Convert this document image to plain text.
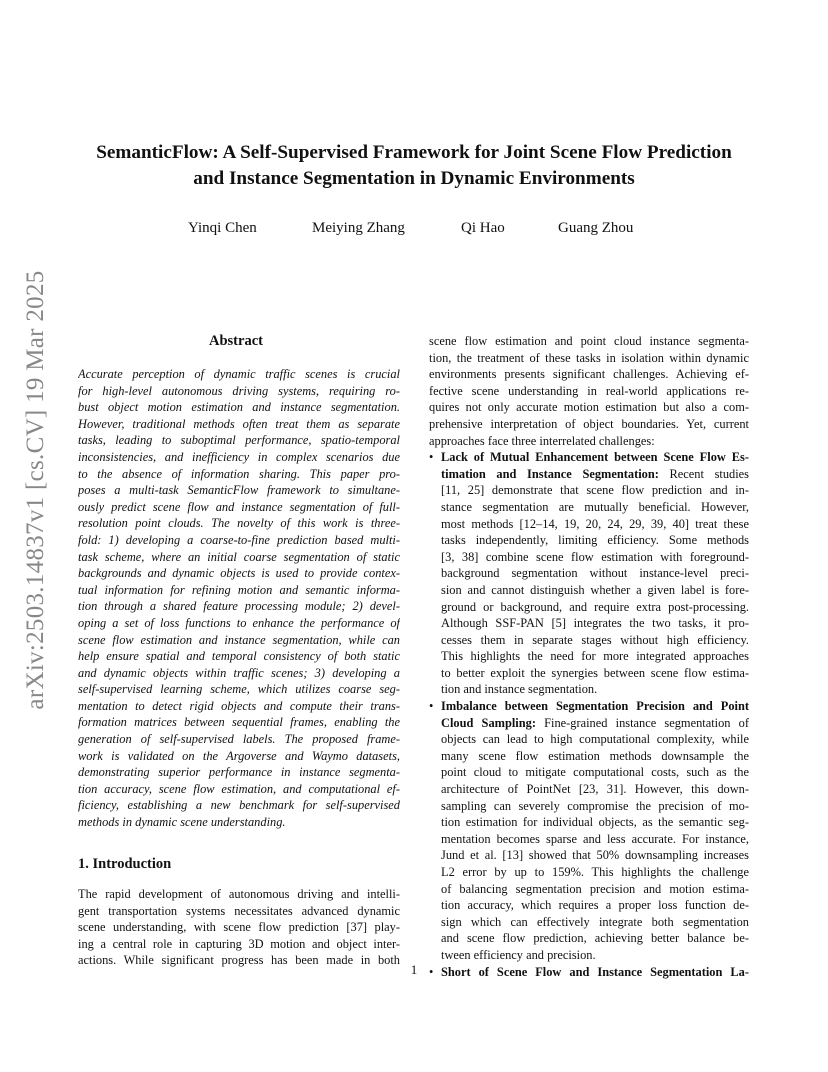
arXiv:2503.14837v1 [cs.CV] 19 Mar 2025
SemanticFlow: A Self-Supervised Framework for Joint Scene Flow Prediction
and Instance Segmentation in Dynamic Environments
Yinqi Chen	Meiying Zhang	Qi Hao	Guang Zhou
Abstract
Accurate perception of dynamic traffic scenes is crucial
for high-level autonomous driving systems, requiring ro-
bust object motion estimation and instance segmentation.
However, traditional methods often treat them as separate
tasks, leading to suboptimal performance, spatio-temporal
inconsistencies, and inefficiency in complex scenarios due
to the absence of information sharing. This paper pro-
poses a multi-task SemanticFlow framework to simultane-
ously predict scene flow and instance segmentation of full-
resolution point clouds. The novelty of this work is three-
fold: 1) developing a coarse-to-fine prediction based multi-
task scheme, where an initial coarse segmentation of static
backgrounds and dynamic objects is used to provide contex-
tual information for refining motion and semantic informa-
tion through a shared feature processing module; 2) devel-
oping a set of loss functions to enhance the performance of
scene flow estimation and instance segmentation, while can
help ensure spatial and temporal consistency of both static
and dynamic objects within traffic scenes; 3) developing a
self-supervised learning scheme, which utilizes coarse seg-
mentation to detect rigid objects and compute their trans-
formation matrices between sequential frames, enabling the
generation of self-supervised labels. The proposed frame-
work is validated on the Argoverse and Waymo datasets,
demonstrating superior performance in instance segmenta-
tion accuracy, scene flow estimation, and computational ef-
ficiency, establishing a new benchmark for self-supervised
methods in dynamic scene understanding.
1. Introduction
The rapid development of autonomous driving and intelli-
gent transportation systems necessitates advanced dynamic
scene understanding, with scene flow prediction [37] play-
ing a central role in capturing 3D motion and object inter-
actions. While significant progress has been made in both
scene flow estimation and point cloud instance segmenta-
tion, the treatment of these tasks in isolation within dynamic
environments presents significant challenges. Achieving ef-
fective scene understanding in real-world applications re-
quires not only accurate motion estimation but also a com-
prehensive interpretation of object boundaries. Yet, current
approaches face three interrelated challenges:
• Lack of Mutual Enhancement between Scene Flow Es-
timation and Instance Segmentation: Recent studies
[11, 25] demonstrate that scene flow prediction and in-
stance segmentation are mutually beneficial. However,
most methods [12–14, 19, 20, 24, 29, 39, 40] treat these
tasks independently, limiting efficiency. Some methods
[3, 38] combine scene flow estimation with foreground-
background segmentation without instance-level preci-
sion and cannot distinguish whether a given label is fore-
ground or background, and require extra post-processing.
Although SSF-PAN [5] integrates the two tasks, it pro-
cesses them in separate stages without high efficiency.
This highlights the need for more integrated approaches
to better exploit the synergies between scene flow estima-
tion and instance segmentation.
• Imbalance between Segmentation Precision and Point
Cloud Sampling: Fine-grained instance segmentation of
objects can lead to high computational complexity, while
many scene flow estimation methods downsample the
point cloud to mitigate computational costs, such as the
architecture of PointNet [23, 31]. However, this down-
sampling can severely compromise the precision of mo-
tion estimation for individual objects, as the semantic seg-
mentation becomes sparse and less accurate. For instance,
Jund et al. [13] showed that 50% downsampling increases
L2 error by up to 159%. This highlights the challenge
of balancing segmentation precision and motion estima-
tion accuracy, which requires a proper loss function de-
sign which can effectively integrate both segmentation
and scene flow prediction, achieving better balance be-
tween efficiency and precision.
• Short of Scene Flow and Instance Segmentation La-
1
